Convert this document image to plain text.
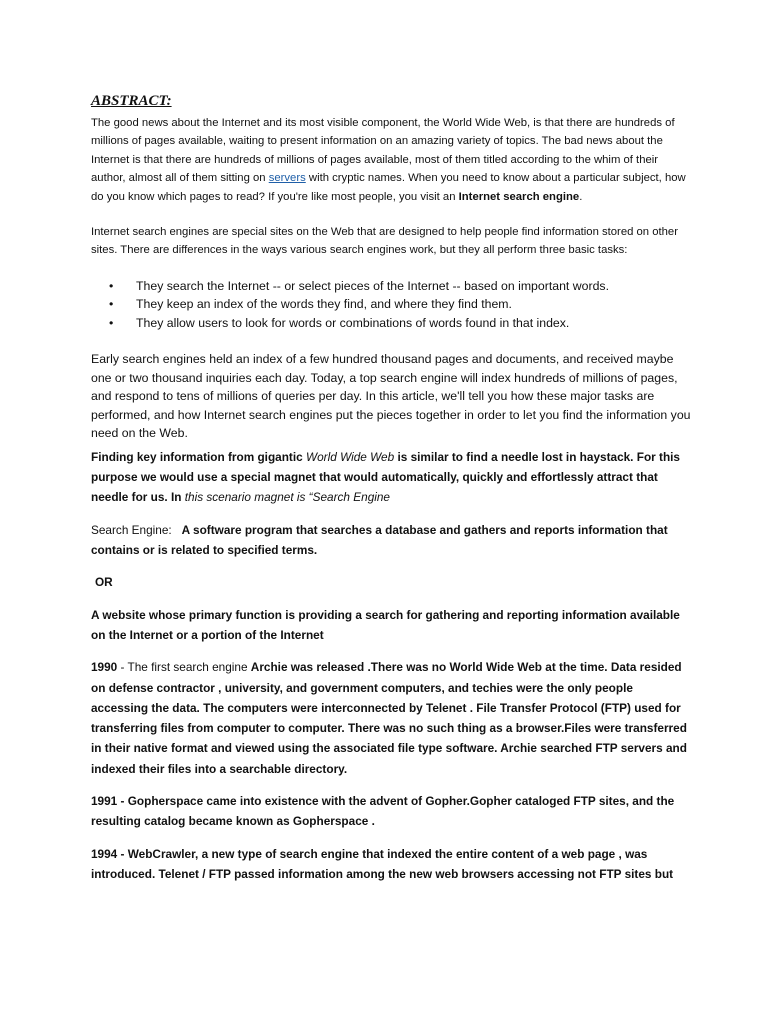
ABSTRACT:

The good news about the Internet and its most visible component, the World Wide Web, is that there are hundreds of millions of pages available, waiting to present information on an amazing variety of topics. The bad news about the Internet is that there are hundreds of millions of pages available, most of them titled according to the whim of their author, almost all of them sitting on servers with cryptic names. When you need to know about a particular subject, how do you know which pages to read? If you're like most people, you visit an Internet search engine.

Internet search engines are special sites on the Web that are designed to help people find information stored on other sites. There are differences in the ways various search engines work, but they all perform three basic tasks:

• They search the Internet -- or select pieces of the Internet -- based on important words.
• They keep an index of the words they find, and where they find them.
• They allow users to look for words or combinations of words found in that index.

Early search engines held an index of a few hundred thousand pages and documents, and received maybe one or two thousand inquiries each day. Today, a top search engine will index hundreds of millions of pages, and respond to tens of millions of queries per day. In this article, we'll tell you how these major tasks are performed, and how Internet search engines put the pieces together in order to let you find the information you need on the Web.

Finding key information from gigantic World Wide Web is similar to find a needle lost in haystack. For this purpose we would use a special magnet that would automatically, quickly and effortlessly attract that needle for us. In this scenario magnet is “Search Engine

Search Engine: A software program that searches a database and gathers and reports information that contains or is related to specified terms.

OR

A website whose primary function is providing a search for gathering and reporting information available on the Internet or a portion of the Internet

1990 - The first search engine Archie was released .There was no World Wide Web at the time. Data resided on defense contractor , university, and government computers, and techies were the only people accessing the data. The computers were interconnected by Telenet . File Transfer Protocol (FTP) used for transferring files from computer to computer. There was no such thing as a browser.Files were transferred in their native format and viewed using the associated file type software. Archie searched FTP servers and indexed their files into a searchable directory.

1991 - Gopherspace came into existence with the advent of Gopher.Gopher cataloged FTP sites, and the resulting catalog became known as Gopherspace .

1994 - WebCrawler, a new type of search engine that indexed the entire content of a web page , was introduced. Telenet / FTP passed information among the new web browsers accessing not FTP sites but
